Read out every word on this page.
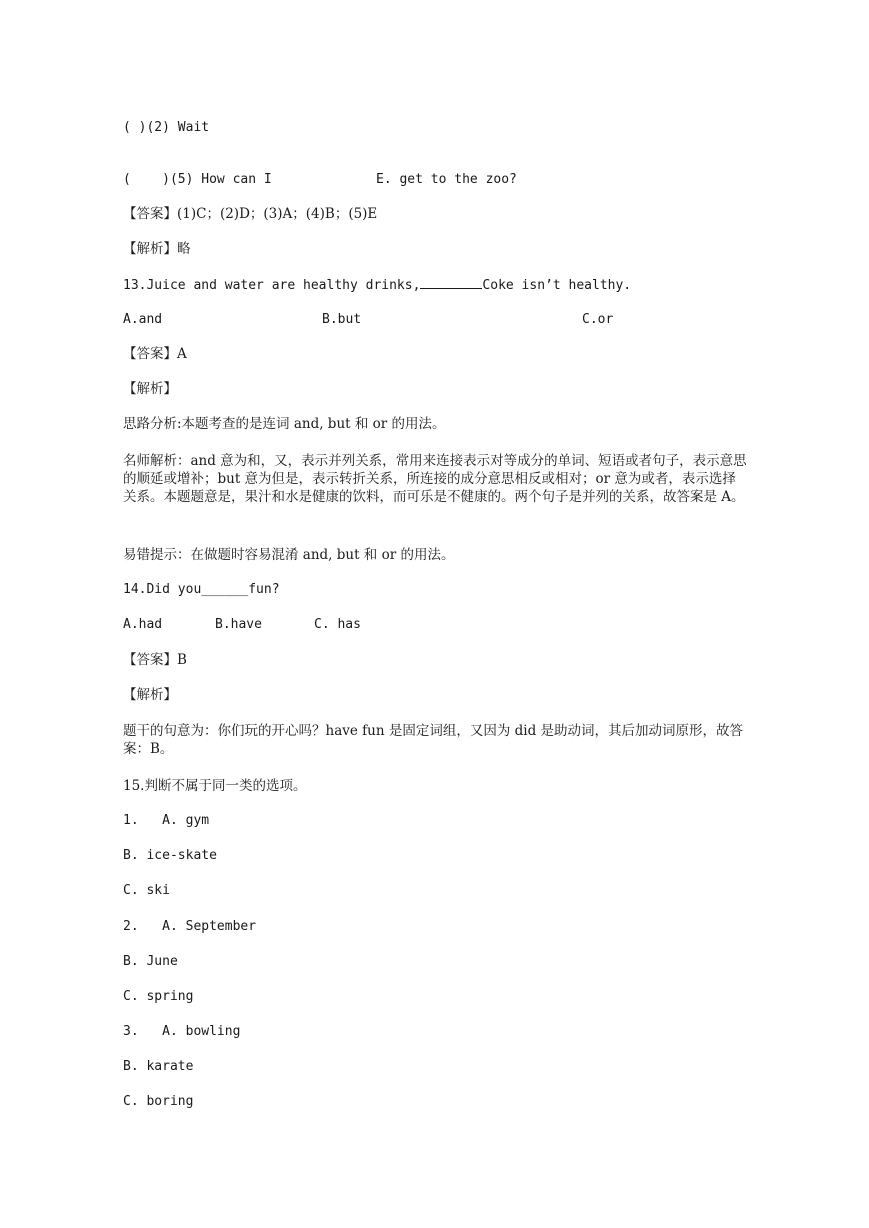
( )(2) Wait

(    )(5) How can I

	E. get to the zoo?

【答案】(1)C；(2)D；(3)A；(4)B；(5)E
【解析】略
13.Juice and water are healthy drinks,	Coke isn’t healthy.

A.and

	B.but

	C.or

【答案】A
【解析】
思路分析:本题考查的是连词 and, but 和 or 的用法。
名师解析：and 意为和，又，表示并列关系，常用来连接表示对等成分的单词、短语或者句子，表示意思的顺延或增补；but 意为但是，表示转折关系，所连接的成分意思相反或相对；or 意为或者，表示选择关系。本题题意是，果汁和水是健康的饮料，而可乐是不健康的。两个句子是并列的关系，故答案是 A。
易错提示：在做题时容易混淆 and, but 和 or 的用法。
14.Did you______fun?

A.had

	B.have

	C. has

【答案】B
【解析】
题干的句意为：你们玩的开心吗？have fun 是固定词组，又因为 did 是助动词，其后加动词原形，故答案：B。
15.判断不属于同一类的选项。
1.   A. gym
B. ice-skate
C. ski
2.   A. September
B. June
C. spring
3.   A. bowling
B. karate
C. boring
